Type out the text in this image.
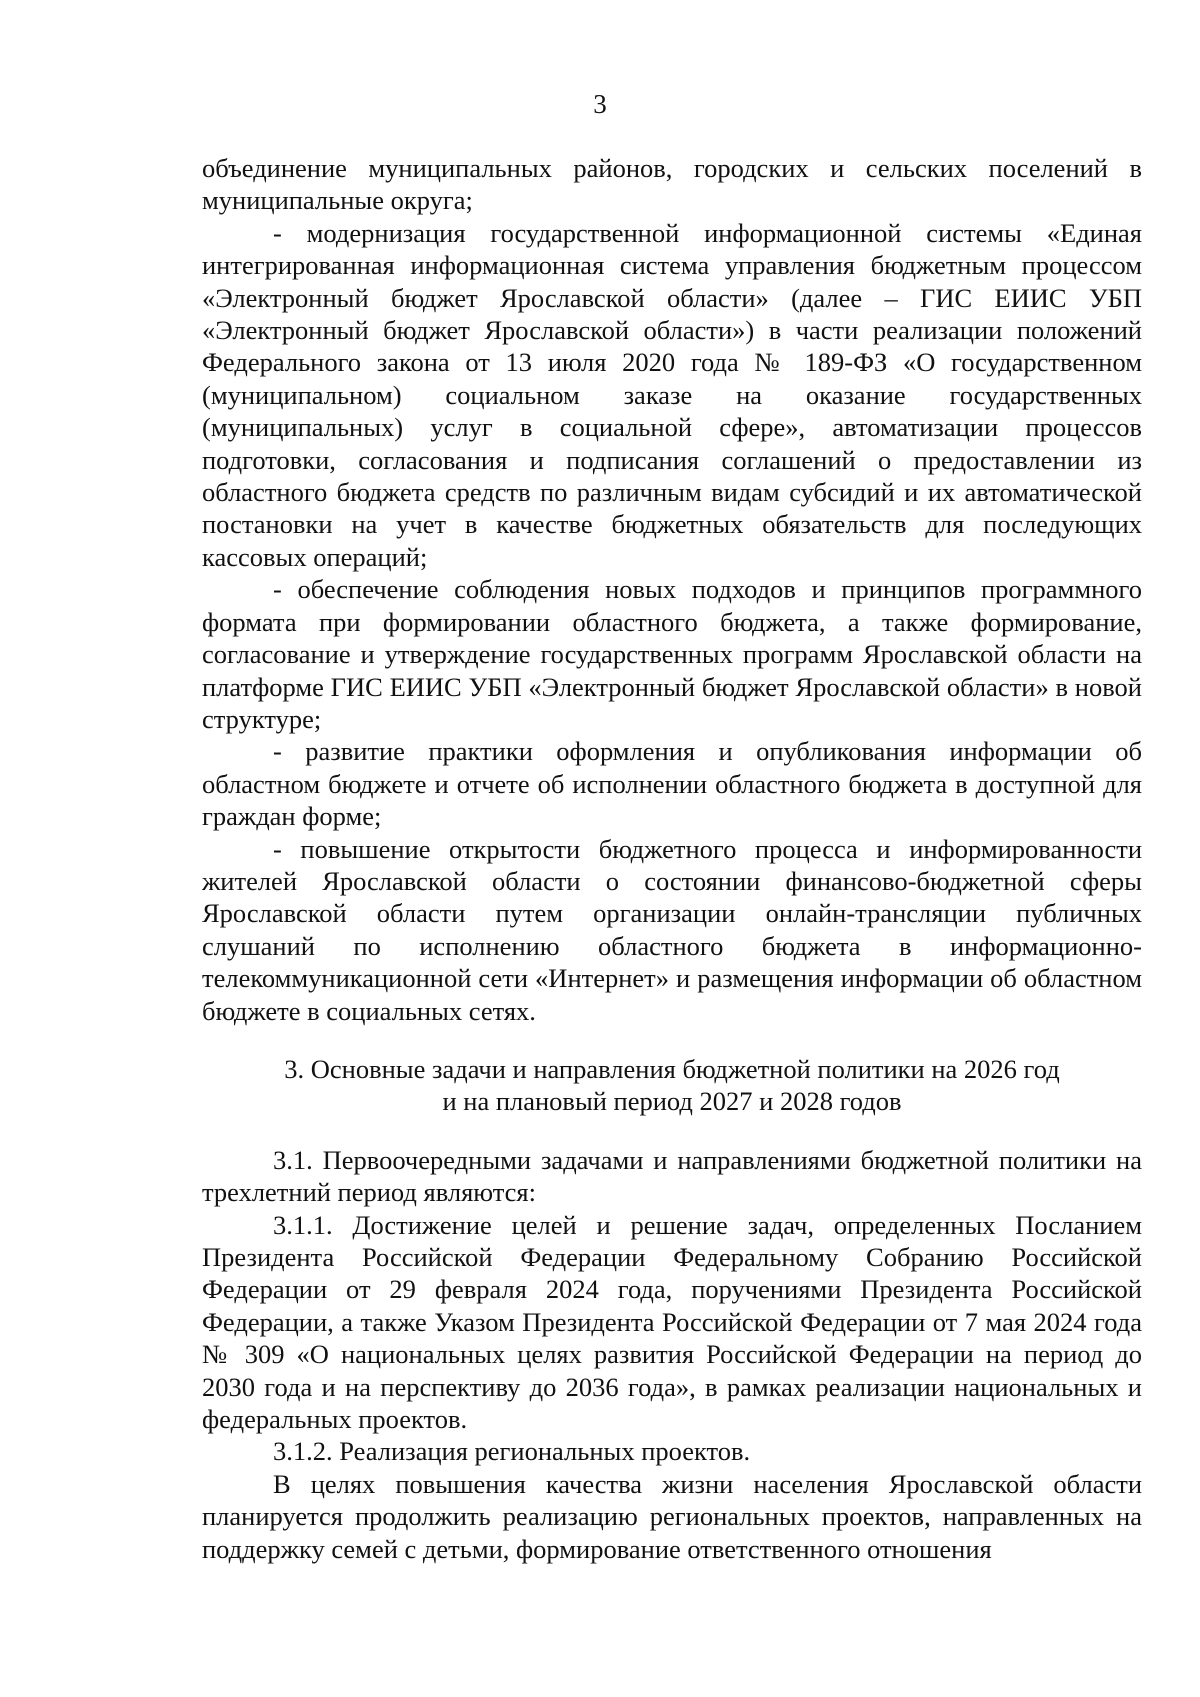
3

объединение муниципальных районов, городских и сельских поселений в муниципальные округа;

- модернизация государственной информационной системы «Единая интегрированная информационная система управления бюджетным процессом «Электронный бюджет Ярославской области» (далее – ГИС ЕИИС УБП «Электронный бюджет Ярославской области») в части реализации положений Федерального закона от 13 июля 2020 года № 189-ФЗ «О государственном (муниципальном) социальном заказе на оказание государственных (муниципальных) услуг в социальной сфере», автоматизации процессов подготовки, согласования и подписания соглашений о предоставлении из областного бюджета средств по различным видам субсидий и их автоматической постановки на учет в качестве бюджетных обязательств для последующих кассовых операций;

- обеспечение соблюдения новых подходов и принципов программного формата при формировании областного бюджета, а также формирование, согласование и утверждение государственных программ Ярославской области на платформе ГИС ЕИИС УБП «Электронный бюджет Ярославской области» в новой структуре;

- развитие практики оформления и опубликования информации об областном бюджете и отчете об исполнении областного бюджета в доступной для граждан форме;

- повышение открытости бюджетного процесса и информированности жителей Ярославской области о состоянии финансово-бюджетной сферы Ярославской области путем организации онлайн-трансляции публичных слушаний по исполнению областного бюджета в информационно-телекоммуникационной сети «Интернет» и размещения информации об областном бюджете в социальных сетях.

3. Основные задачи и направления бюджетной политики на 2026 год
и на плановый период 2027 и 2028 годов

3.1. Первоочередными задачами и направлениями бюджетной политики на трехлетний период являются:

3.1.1. Достижение целей и решение задач, определенных Посланием Президента Российской Федерации Федеральному Собранию Российской Федерации от 29 февраля 2024 года, поручениями Президента Российской Федерации, а также Указом Президента Российской Федерации от 7 мая 2024 года № 309 «О национальных целях развития Российской Федерации на период до 2030 года и на перспективу до 2036 года», в рамках реализации национальных и федеральных проектов.

3.1.2. Реализация региональных проектов.

В целях повышения качества жизни населения Ярославской области планируется продолжить реализацию региональных проектов, направленных на поддержку семей с детьми, формирование ответственного отношения
